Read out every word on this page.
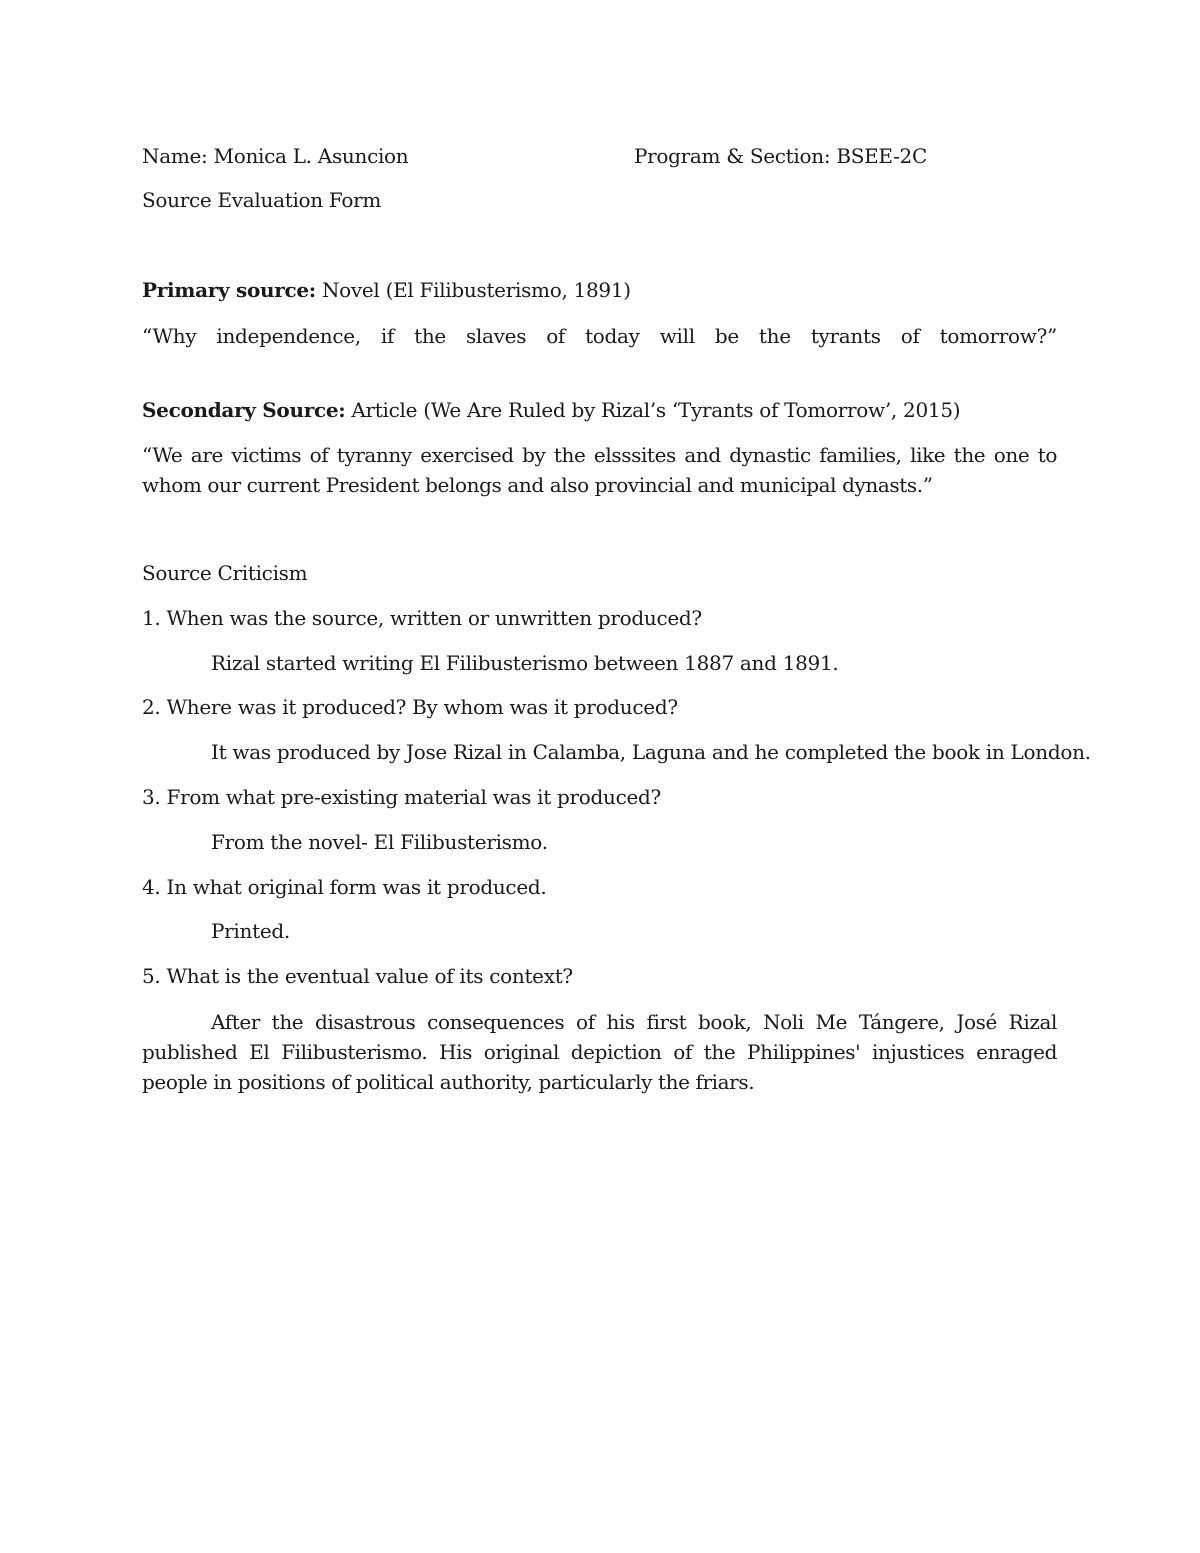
Name: Monica L. Asuncion	Program & Section: BSEE-2C
Source Evaluation Form
Primary source: Novel (El Filibusterismo, 1891)
“Why independence, if the slaves of today will be the tyrants of tomorrow?”
Secondary Source: Article (We Are Ruled by Rizal’s ‘Tyrants of Tomorrow’, 2015)
“We are victims of tyranny exercised by the elsssites and dynastic families, like the one to whom our current President belongs and also provincial and municipal dynasts.”
Source Criticism
1. When was the source, written or unwritten produced?
Rizal started writing El Filibusterismo between 1887 and 1891.
2. Where was it produced? By whom was it produced?
It was produced by Jose Rizal in Calamba, Laguna and he completed the book in London.
3. From what pre-existing material was it produced?
From the novel- El Filibusterismo.
4. In what original form was it produced.
Printed.
5. What is the eventual value of its context?
After the disastrous consequences of his first book, Noli Me Tángere, José Rizal published El Filibusterismo. His original depiction of the Philippines' injustices enraged people in positions of political authority, particularly the friars.
